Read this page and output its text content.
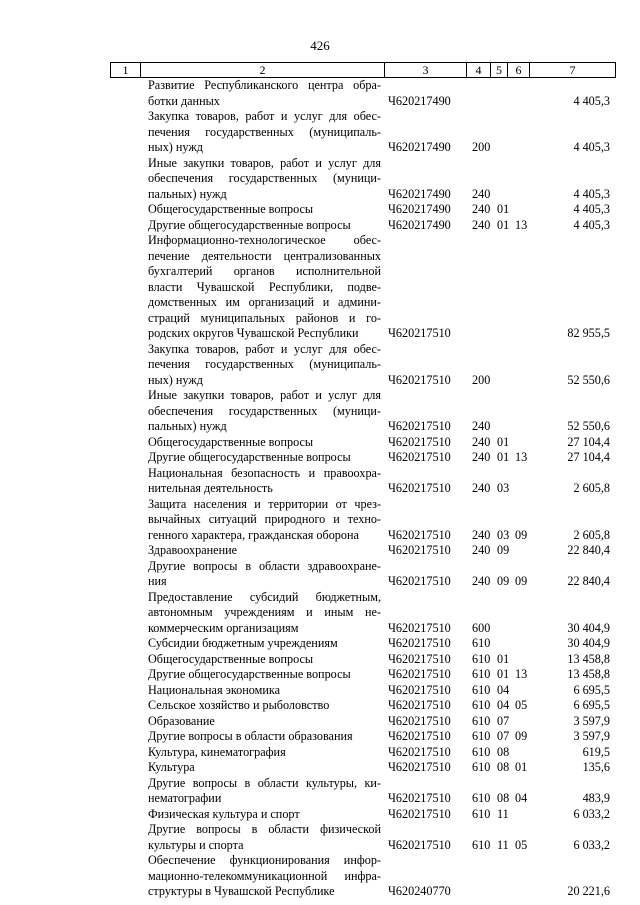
426
1	2	3	4	5	6	7
Развитие Республиканского центра обра-
ботки данных	Ч620217490	4 405,3
Закупка товаров, работ и услуг для обес-
печения государственных (муниципаль-
ных) нужд	Ч620217490 200	4 405,3
Иные закупки товаров, работ и услуг для
обеспечения государственных (муници-
пальных) нужд	Ч620217490 240	4 405,3
Общегосударственные вопросы	Ч620217490 240 01	4 405,3
Другие общегосударственные вопросы	Ч620217490 240 01 13	4 405,3
Информационно-технологическое обес-
печение деятельности централизованных
бухгалтерий органов исполнительной
власти Чувашской Республики, подве-
домственных им организаций и админи-
страций муниципальных районов и го-
родских округов Чувашской Республики	Ч620217510	82 955,5
Закупка товаров, работ и услуг для обес-
печения государственных (муниципаль-
ных) нужд	Ч620217510 200	52 550,6
Иные закупки товаров, работ и услуг для
обеспечения государственных (муници-
пальных) нужд	Ч620217510 240	52 550,6
Общегосударственные вопросы	Ч620217510 240 01	27 104,4
Другие общегосударственные вопросы	Ч620217510 240 01 13	27 104,4
Национальная безопасность и правоохра-
нительная деятельность	Ч620217510 240 03	2 605,8
Защита населения и территории от чрез-
вычайных ситуаций природного и техно-
генного характера, гражданская оборона	Ч620217510 240 03 09	2 605,8
Здравоохранение	Ч620217510 240 09	22 840,4
Другие вопросы в области здравоохране-
ния	Ч620217510 240 09 09	22 840,4
Предоставление субсидий бюджетным,
автономным учреждениям и иным не-
коммерческим организациям	Ч620217510 600	30 404,9
Субсидии бюджетным учреждениям	Ч620217510 610	30 404,9
Общегосударственные вопросы	Ч620217510 610 01	13 458,8
Другие общегосударственные вопросы	Ч620217510 610 01 13	13 458,8
Национальная экономика	Ч620217510 610 04	6 695,5
Сельское хозяйство и рыболовство	Ч620217510 610 04 05	6 695,5
Образование	Ч620217510 610 07	3 597,9
Другие вопросы в области образования	Ч620217510 610 07 09	3 597,9
Культура, кинематография	Ч620217510 610 08	619,5
Культура	Ч620217510 610 08 01	135,6
Другие вопросы в области культуры, ки-
нематографии	Ч620217510 610 08 04	483,9
Физическая культура и спорт	Ч620217510 610 11	6 033,2
Другие вопросы в области физической
культуры и спорта	Ч620217510 610 11 05	6 033,2
Обеспечение функционирования инфор-
мационно-телекоммуникационной инфра-
структуры в Чувашской Республике	Ч620240770	20 221,6
